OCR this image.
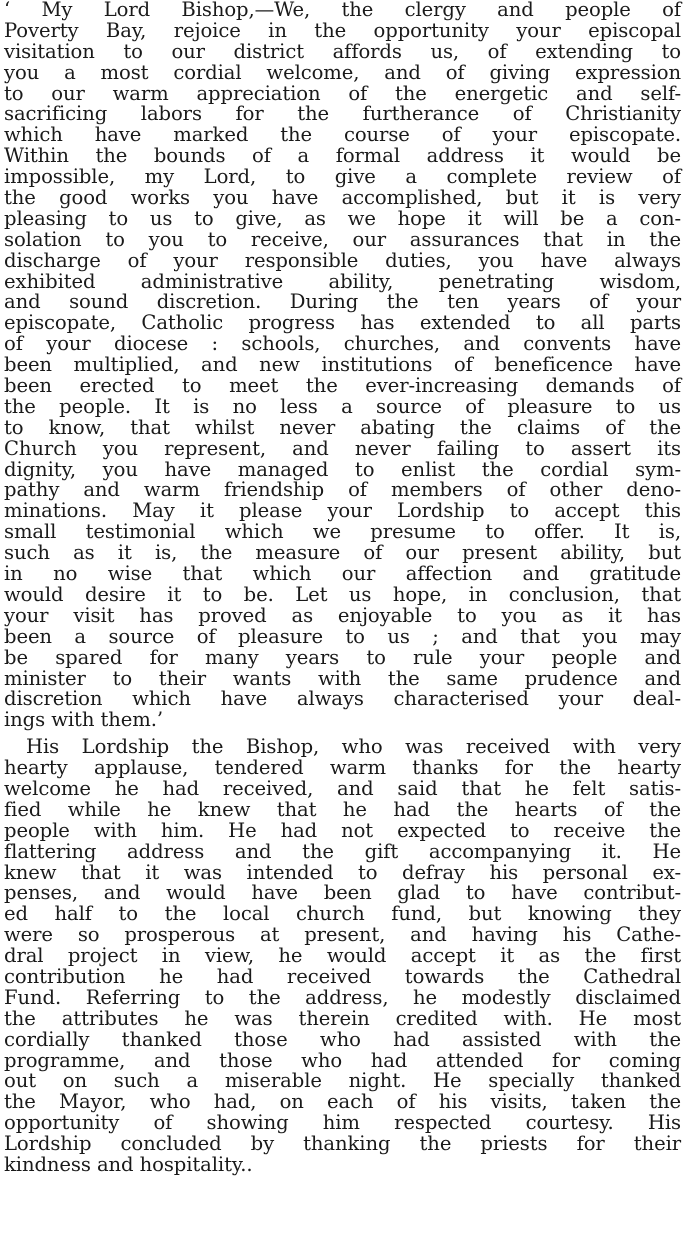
‘ My Lord Bishop,—We, the clergy and people of
Poverty Bay, rejoice in the opportunity your episcopal
visitation to our district affords us, of extending to
you a most cordial welcome, and of giving expression
to our warm appreciation of the energetic and self-
sacrificing labors for the furtherance of Christianity
which have marked the course of your episcopate.
Within the bounds of a formal address it would be
impossible, my Lord, to give a complete review of
the good works you have accomplished, but it is very
pleasing to us to give, as we hope it will be a con-
solation to you to receive, our assurances that in the
discharge of your responsible duties, you have always
exhibited administrative ability, penetrating wisdom,
and sound discretion. During the ten years of your
episcopate, Catholic progress has extended to all parts
of your diocese : schools, churches, and convents have
been multiplied, and new institutions of beneficence have
been erected to meet the ever-increasing demands of
the people. It is no less a source of pleasure to us
to know, that whilst never abating the claims of the
Church you represent, and never failing to assert its
dignity, you have managed to enlist the cordial sym-
pathy and warm friendship of members of other deno-
minations. May it please your Lordship to accept this
small testimonial which we presume to offer. It is,
such as it is, the measure of our present ability, but
in no wise that which our affection and gratitude
would desire it to be. Let us hope, in conclusion, that
your visit has proved as enjoyable to you as it has
been a source of pleasure to us ; and that you may
be spared for many years to rule your people and
minister to their wants with the same prudence and
discretion which have always characterised your deal-
ings with them.’
His Lordship the Bishop, who was received with very
hearty applause, tendered warm thanks for the hearty
welcome he had received, and said that he felt satis-
fied while he knew that he had the hearts of the
people with him. He had not expected to receive the
flattering address and the gift accompanying it. He
knew that it was intended to defray his personal ex-
penses, and would have been glad to have contribut-
ed half to the local church fund, but knowing they
were so prosperous at present, and having his Cathe-
dral project in view, he would accept it as the first
contribution he had received towards the Cathedral
Fund. Referring to the address, he modestly disclaimed
the attributes he was therein credited with. He most
cordially thanked those who had assisted with the
programme, and those who had attended for coming
out on such a miserable night. He specially thanked
the Mayor, who had, on each of his visits, taken the
opportunity of showing him respected courtesy. His
Lordship concluded by thanking the priests for their
kindness and hospitality..
